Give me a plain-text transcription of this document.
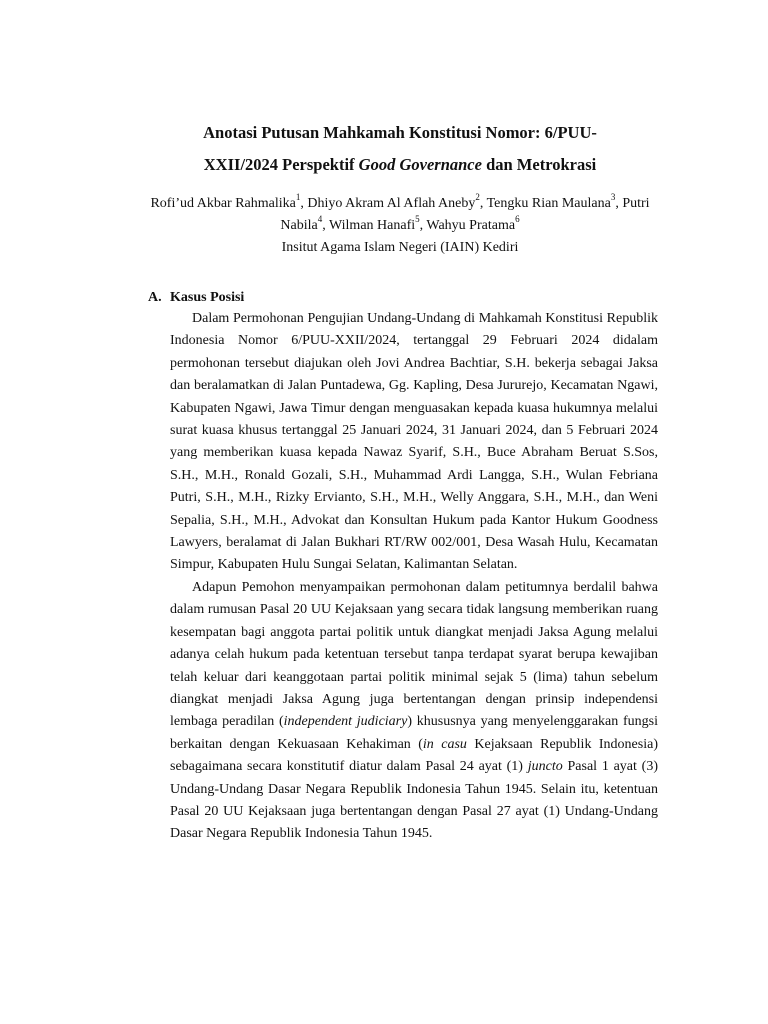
Anotasi Putusan Mahkamah Konstitusi Nomor: 6/PUU-
XXII/2024 Perspektif Good Governance dan Metrokrasi
Rofi’ud Akbar Rahmalika$^1$, Dhiyo Akram Al Aflah Aneby$^2$, Tengku Rian Maulana$^3$, Putri Nabila$^4$, Wilman Hanafi$^5$, Wahyu Pratama$^6$
Insitut Agama Islam Negeri (IAIN) Kediri
A. Kasus Posisi

Dalam Permohonan Pengujian Undang-Undang di Mahkamah Konstitusi Republik Indonesia Nomor 6/PUU-XXII/2024, tertanggal 29 Februari 2024 didalam permohonan tersebut diajukan oleh Jovi Andrea Bachtiar, S.H. bekerja sebagai Jaksa dan beralamatkan di Jalan Puntadewa, Gg. Kapling, Desa Jururejo, Kecamatan Ngawi, Kabupaten Ngawi, Jawa Timur dengan menguasakan kepada kuasa hukumnya melalui surat kuasa khusus tertanggal 25 Januari 2024, 31 Januari 2024, dan 5 Februari 2024 yang memberikan kuasa kepada Nawaz Syarif, S.H., Buce Abraham Beruat S.Sos, S.H., M.H., Ronald Gozali, S.H., Muhammad Ardi Langga, S.H., Wulan Febriana Putri, S.H., M.H., Rizky Ervianto, S.H., M.H., Welly Anggara, S.H., M.H., dan Weni Sepalia, S.H., M.H., Advokat dan Konsultan Hukum pada Kantor Hukum Goodness Lawyers, beralamat di Jalan Bukhari RT/RW 002/001, Desa Wasah Hulu, Kecamatan Simpur, Kabupaten Hulu Sungai Selatan, Kalimantan Selatan.

Adapun Pemohon menyampaikan permohonan dalam petitumnya berdalil bahwa dalam rumusan Pasal 20 UU Kejaksaan yang secara tidak langsung memberikan ruang kesempatan bagi anggota partai politik untuk diangkat menjadi Jaksa Agung melalui adanya celah hukum pada ketentuan tersebut tanpa terdapat syarat berupa kewajiban telah keluar dari keanggotaan partai politik minimal sejak 5 (lima) tahun sebelum diangkat menjadi Jaksa Agung juga bertentangan dengan prinsip independensi lembaga peradilan (independent judiciary) khususnya yang menyelenggarakan fungsi berkaitan dengan Kekuasaan Kehakiman (in casu Kejaksaan Republik Indonesia) sebagaimana secara konstitutif diatur dalam Pasal 24 ayat (1) juncto Pasal 1 ayat (3) Undang-Undang Dasar Negara Republik Indonesia Tahun 1945. Selain itu, ketentuan Pasal 20 UU Kejaksaan juga bertentangan dengan Pasal 27 ayat (1) Undang-Undang Dasar Negara Republik Indonesia Tahun 1945.
